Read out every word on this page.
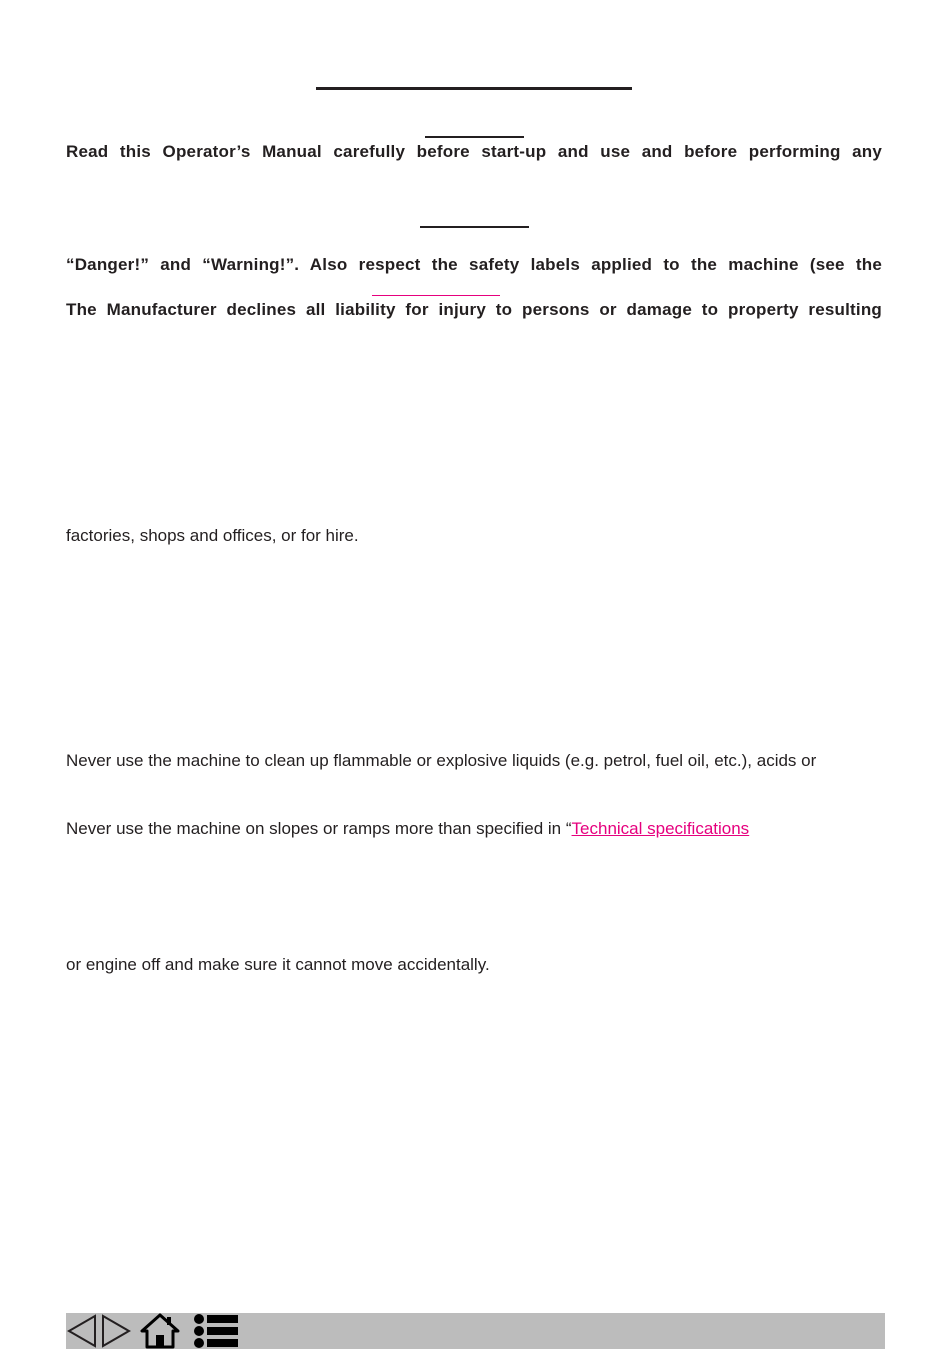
Read this Operator’s Manual carefully before start-up and use and before performing any
“Danger!” and “Warning!”. Also respect the safety labels applied to the machine (see the
The Manufacturer declines all liability for injury to persons or damage to property resulting
factories, shops and offices, or for hire.
Never use the machine to clean up flammable or explosive liquids (e.g. petrol, fuel oil, etc.), acids or
Never use the machine on slopes or ramps more than specified in “Technical specifications
or engine off and make sure it cannot move accidentally.
